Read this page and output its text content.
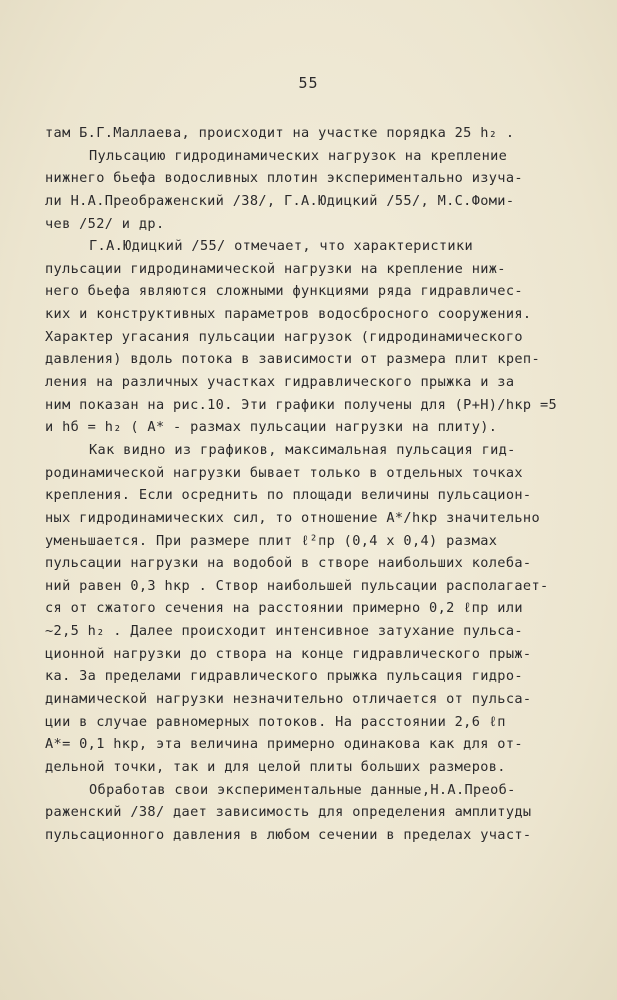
55
там Б.Г.Маллаева, происходит на участке порядка 25 h₂ .
Пульсацию гидродинамических нагрузок на крепление
нижнего бьефа водосливных плотин экспериментально изуча-
ли Н.А.Преображенский /38/, Г.А.Юдицкий /55/, М.С.Фоми-
чев /52/ и др.
Г.А.Юдицкий /55/ отмечает, что характеристики
пульсации гидродинамической нагрузки на крепление ниж-
него бьефа являются сложными функциями ряда гидравличес-
ких и конструктивных параметров водосбросного сооружения.
Характер угасания пульсации нагрузок (гидродинамического
давления) вдоль потока в зависимости от размера плит креп-
ления на различных участках гидравлического прыжка и за
ним показан на рис.10. Эти графики получены для (P+H)/hкр =5
и hб = h₂ ( A* - размах пульсации нагрузки на плиту).
Как видно из графиков, максимальная пульсация гид-
родинамической нагрузки бывает только в отдельных точках
крепления. Если осреднить по площади величины пульсацион-
ных гидродинамических сил, то отношение A*/hкр значительно
уменьшается. При размере плит ℓ²пр (0,4 х 0,4) размах
пульсации нагрузки на водобой в створе наибольших колеба-
ний равен 0,3 hкр . Створ наибольшей пульсации располагает-
ся от сжатого сечения на расстоянии примерно 0,2 ℓпр или
~2,5 h₂ . Далее происходит интенсивное затухание пульса-
ционной нагрузки до створа на конце гидравлического прыж-
ка. За пределами гидравлического прыжка пульсация гидро-
динамической нагрузки незначительно отличается от пульса-
ции в случае равномерных потоков. На расстоянии 2,6 ℓп
A*= 0,1 hкр, эта величина примерно одинакова как для от-
дельной точки, так и для целой плиты больших размеров.
Обработав свои экспериментальные данные,Н.А.Преоб-
раженский /38/ дает зависимость для определения амплитуды
пульсационного давления в любом сечении в пределах участ-
